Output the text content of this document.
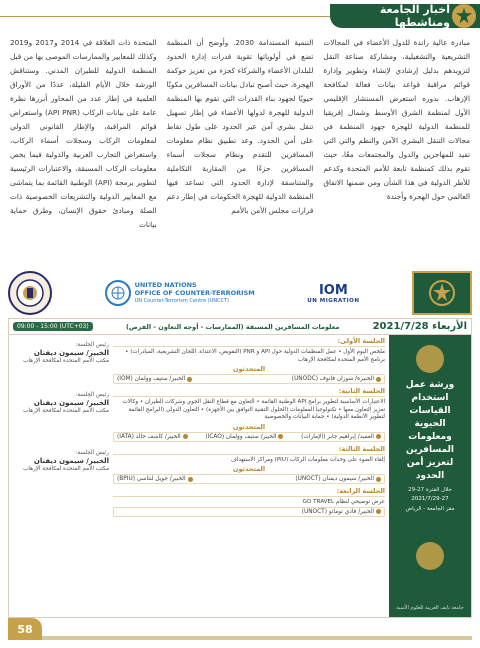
أخبار الجامعة ومناشطها
مبادرة عالية راندة للدول الأعضاء في المجالات التشريعية والتشغيلية، ومشاركة صناعة النقل لتزويدهم بدليل إرشادي لإنشاء وتطوير وإدارة قوائم مراقبة قواعد بيانات فعالة لمكافحة الإرهاب. بدوره استعرض المستشار الإقليمي الأول لمنظمة الشرق الأوسط وشمال إفريقيا للمنظمة الدولية للهجرة جهود المنظمة في مجالات التنقل البشري الآمن والنظم والتي التي تفيد للمهاجرين والدول والمجتمعات معًا، حيث تقوم بذلك كمنظمة تابعة للأمم المتحدة وكدعم للأطر الدولية في هذا الشأن ومن ضمنها الاتفاق العالمي حول الهجرة وأجندة
التنمية المستدامة 2030. وأوضح أن المنظمة تضع في أولوياتها تقوية قدرات إدارة الحدود للبلدان الأعضاء والشركاء كجزء من تعزيز حوكمة الهجرة، حيث أصبح تبادل بيانات المسافرين مكونًا حيويًا لجهود بناء القدرات التي تقوم بها المنظمة الدولية للهجرة لدولها الأعضاء في إطار تسهيل تنقل بشري آمن عبر الحدود على طول نقاط على أمن الحدود. وعد تطبيق نظام معلومات المسافرين للتقدم ونظام سجلات أسماء المسافرين جزءًا من المقاربة التكاملية والمتناسقة لإدارة الحدود التي تساعد فيها المنظمة الدولية للهجرة الحكومات في إطار دعم قرارات مجلس الأمن بالأمم
المتحدة ذات العلاقة في 2014 و2017 و2019 وكذلك للمعايير والممارسات الموصى بها من قبل المنظمة الدولية للطيران المدني. وستناقش الورشة خلال الأيام القليلة، عددًا من الأوراق العلمية في إطار عدد من المحاور أبرزها نظرة عامة على بيانات الركاب (API PNR) واستعراض قوائم المراقبة، والإطار القانوني الدولي لمعلومات الركاب وسجلات أسماء الركاب، واستعراض التجارب العربية والدولية فيما يخص معلومات الركاب المسبقة، والاعتبارات الرئيسية لتطوير برمجة (API) الوطنية القائمة بما يتماشى مع المعايير الدولية والتشريعات الخصوصية ذات الصلة ومبادئ حقوق الإنسان، وطرق حماية بيانات
IOM
UN MIGRATION
UNITED NATIONS
OFFICE OF COUNTER-TERRORISM
UN Counter-Terrorism Centre (UNCCT)
الأربعاء 2021/7/28
معلومات المسافرين المسبقة (الممارسات - أوجه التعاون - الفرص)
09:00 - 15:00 (UTC+03)
ورشة عمل استخدام القياسات الحيوية ومعلومات المسافرين لتعزيز أمن الحدود
خلال الفترة 27-29
2021/7/29-27
مقر الجامعة - الرياض
جامعة نايف العربية للعلوم الأمنية
الجلسة الأولى:
ملخص اليوم الأول • عمل المنظمات الدولية حول API و PNR (التفويض، الاعتداء، اللجان التشريعية، المبادرات) • برنامج الأمم المتحدة لمكافحة الإرهاب
المتحدثون
الخبيرة/ سوزان فانوف (UNODC)
الخبير/ ستيف وولمان (IOM)
رئيس الجلسة:
الخبير/ سيمون ديفنان
مكتب الأمم المتحدة لمكافحة الإرهاب
الجلسة الثانية:
الاعتبارات الأساسية لتطوير برامج API الوطنية القائمة • التعاون مع قطاع النقل الجوي وشركات الطيران • وكالات تعزيز التعاون معها • تكنولوجيا المعلومات (الحلول التقنية التوافق بين الأجهزة) • التعاون الدولي (البرامج القائمة لتطوير الأنظمة الدولية) • حماية البيانات والخصوصية
المتحدثون
العميد/ إبراهيم جابر (الإمارات)
الخبير/ ستيف وولمان (ICAO)
الخبير/ كاشف خالد (IATA)
رئيس الجلسة:
الخبير/ سيمون ديفنان
مكتب الأمم المتحدة لمكافحة الإرهاب
الجلسة الثالثة:
إلقاء الضوء على وحدات معلومات الركاب (PIU) ومراكز الاستهداف
المتحدثون
الخبير/ سيمون ديفنان (UNOCT)
الخبير/ جويل لنتاسي (BPIU)
رئيس الجلسة:
الخبير/ سيمون ديفنان
مكتب الأمم المتحدة لمكافحة الإرهاب
الجلسة الرابعة:
عرض توضيحي لنظام GO TRAVEL
الخبير/ فادي توماتو (UNOCT)
58
